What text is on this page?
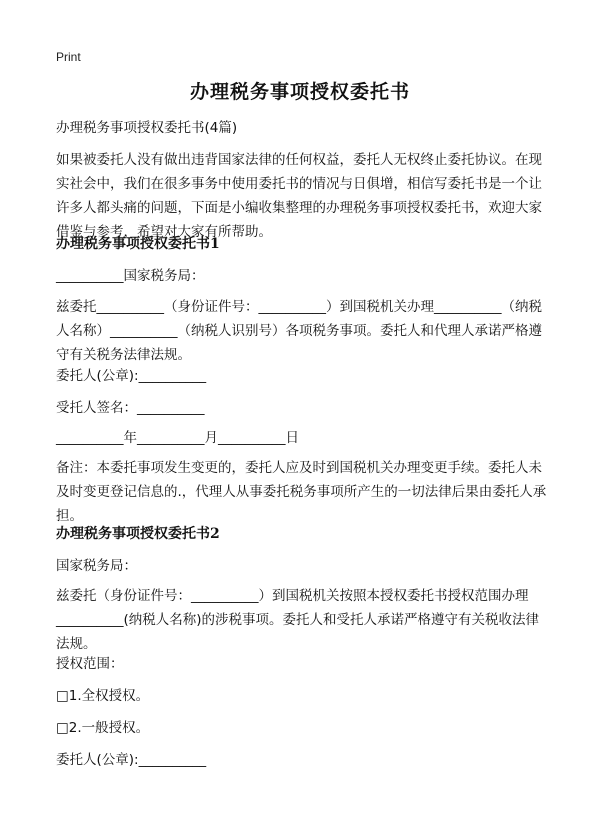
Print
办理税务事项授权委托书

办理税务事项授权委托书(4篇)

如果被委托人没有做出违背国家法律的任何权益，委托人无权终止委托协议。在现实社会中，我们在很多事务中使用委托书的情况与日俱增，相信写委托书是一个让许多人都头痛的问题，下面是小编收集整理的办理税务事项授权委托书，欢迎大家借鉴与参考，希望对大家有所帮助。

办理税务事项授权委托书1

__________国家税务局：

兹委托__________（身份证件号：__________）到国税机关办理__________（纳税人名称）__________（纳税人识别号）各项税务事项。委托人和代理人承诺严格遵守有关税务法律法规。

委托人(公章):__________

受托人签名：__________

__________年__________月__________日

备注：本委托事项发生变更的，委托人应及时到国税机关办理变更手续。委托人未及时变更登记信息的.，代理人从事委托税务事项所产生的一切法律后果由委托人承担。

办理税务事项授权委托书2

国家税务局：

兹委托（身份证件号：__________）到国税机关按照本授权委托书授权范围办理__________(纳税人名称)的涉税事项。委托人和受托人承诺严格遵守有关税收法律法规。

授权范围：

□1.全权授权。

□2.一般授权。

委托人(公章):__________
